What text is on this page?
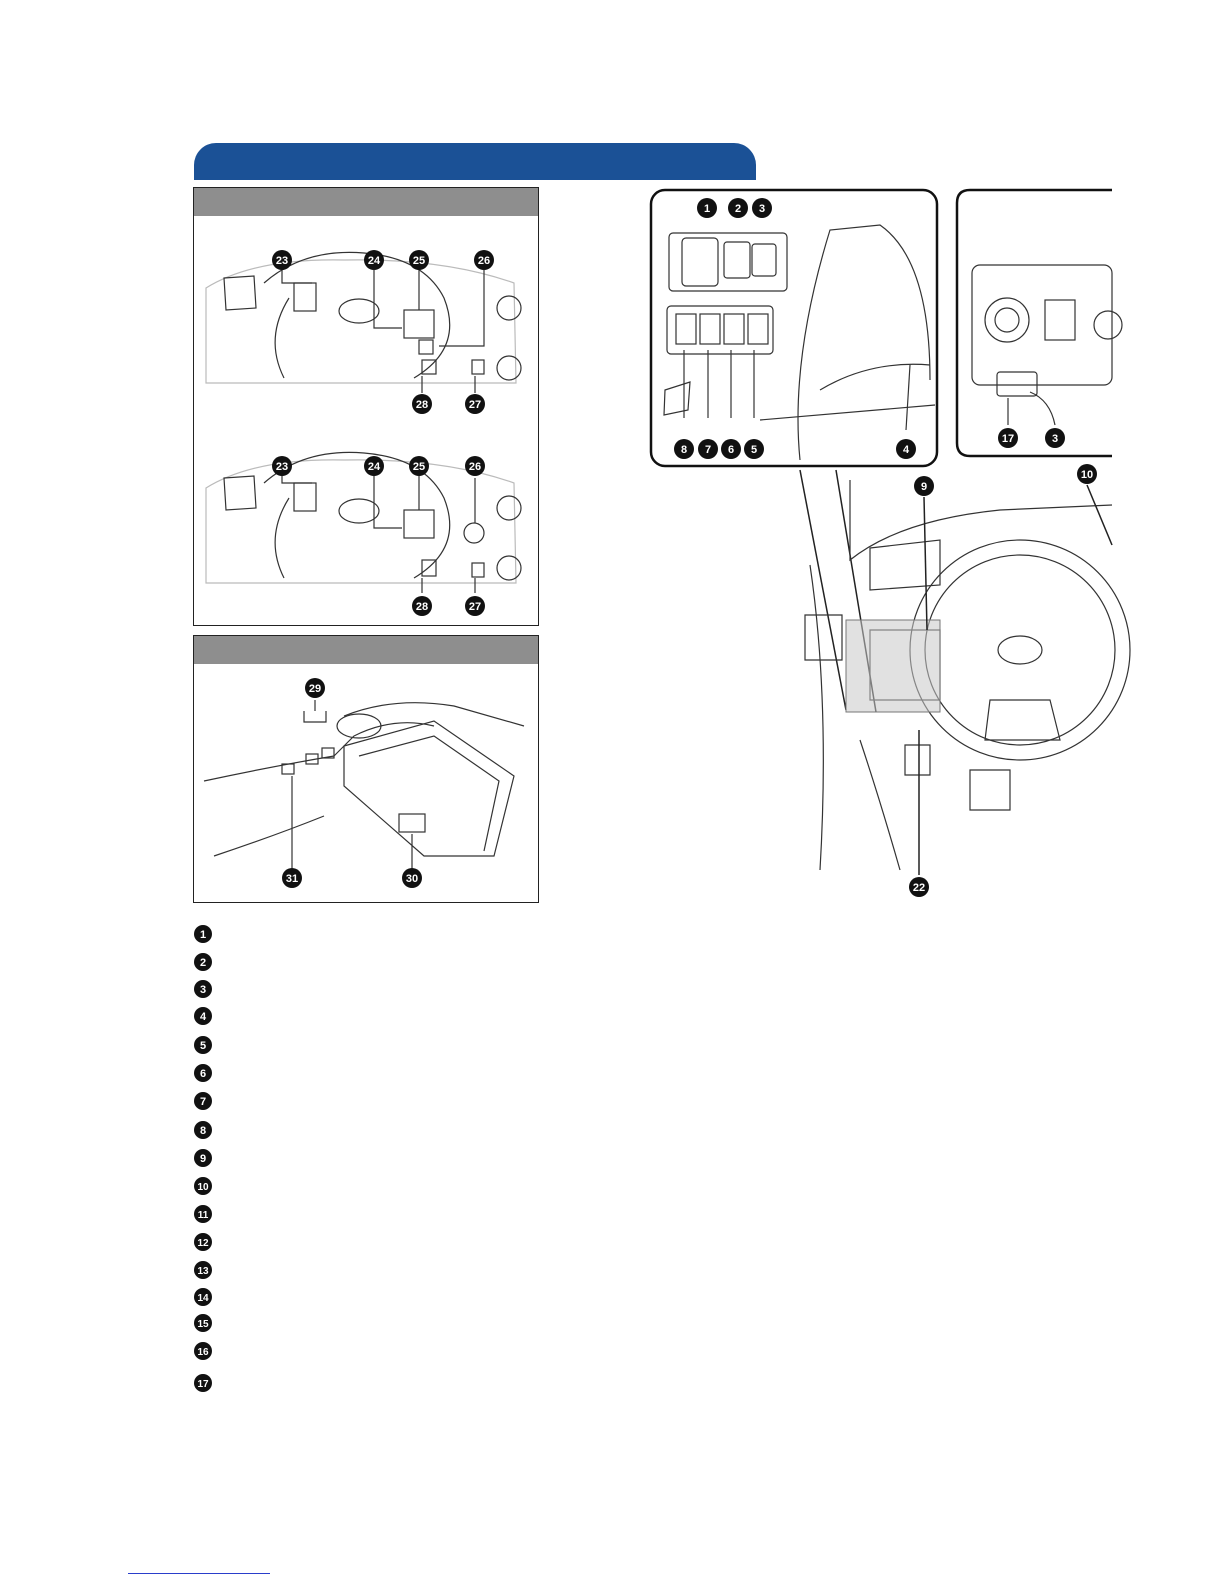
23	24	25	26
28	27
23	24	25	26
28	27
29
31	30
1 2 3
8 7 6 5	4
17	3
9
10
22
1
2
3
4
5
6
7
8
9
10
11
12
13
14
15
16
17
